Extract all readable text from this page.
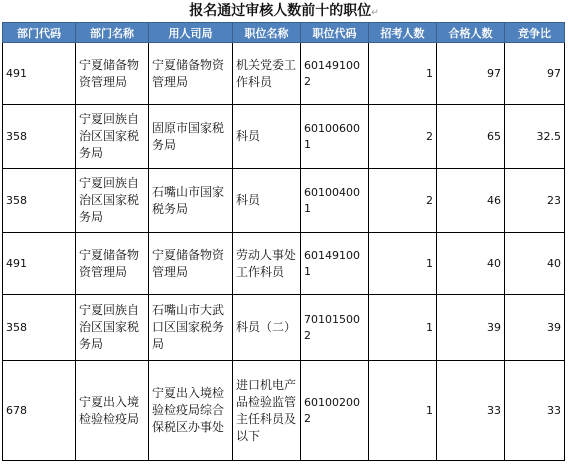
报名通过审核人数前十的职位↵
部门代码	部门名称	用人司局	职位名称	职位代码	招考人数	合格人数	竞争比
491	宁夏储备物资管理局	宁夏储备物资管理局	机关党委工作科员	601491002	1	97	97
358	宁夏回族自治区国家税务局	固原市国家税务局	科员	601006001	2	65	32.5
358	宁夏回族自治区国家税务局	石嘴山市国家税务局	科员	601004001	2	46	23
491	宁夏储备物资管理局	宁夏储备物资管理局	劳动人事处工作科员	601491001	1	40	40
358	宁夏回族自治区国家税务局	石嘴山市大武口区国家税务局	科员（二）	701015002	1	39	39
678	宁夏出入境检验检疫局	宁夏出入境检验检疫局综合保税区办事处	进口机电产品检验监管主任科员及以下	601002002	1	33	33
